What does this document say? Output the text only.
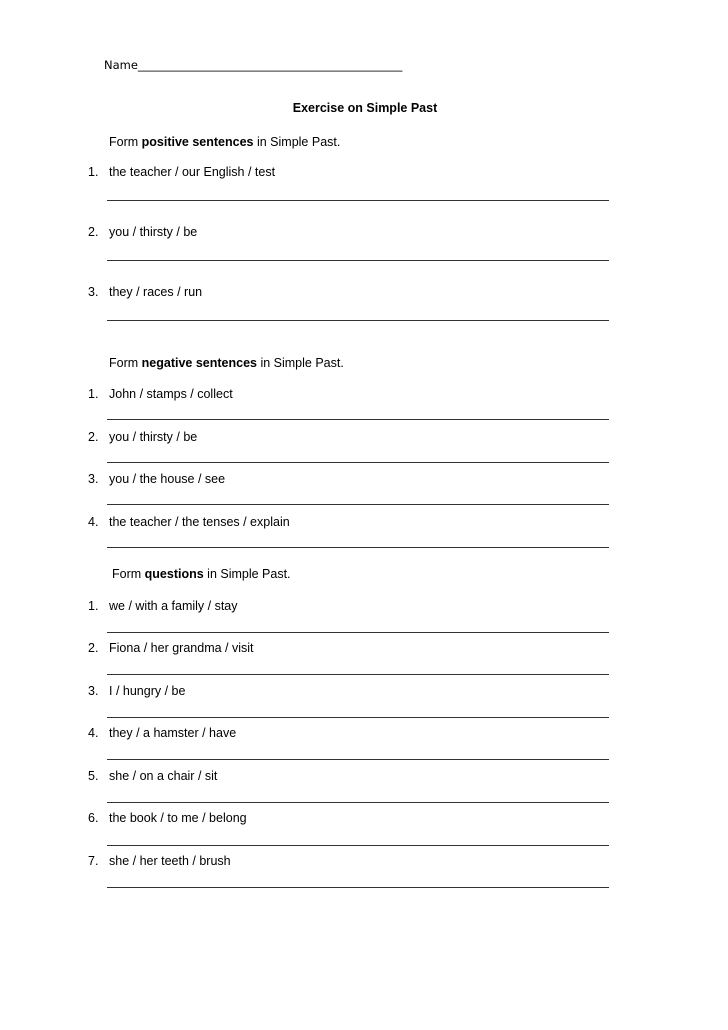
Name______________________________________________
Exercise on Simple Past
Form positive sentences in Simple Past.
1. the teacher / our English / test
2. you / thirsty / be
3. they / races / run
Form negative sentences in Simple Past.
1. John / stamps / collect
2. you / thirsty / be
3. you / the house / see
4. the teacher / the tenses / explain
Form questions in Simple Past.
1. we / with a family / stay
2. Fiona / her grandma / visit
3. I / hungry / be
4. they / a hamster / have
5. she / on a chair / sit
6. the book / to me / belong
7. she / her teeth / brush
